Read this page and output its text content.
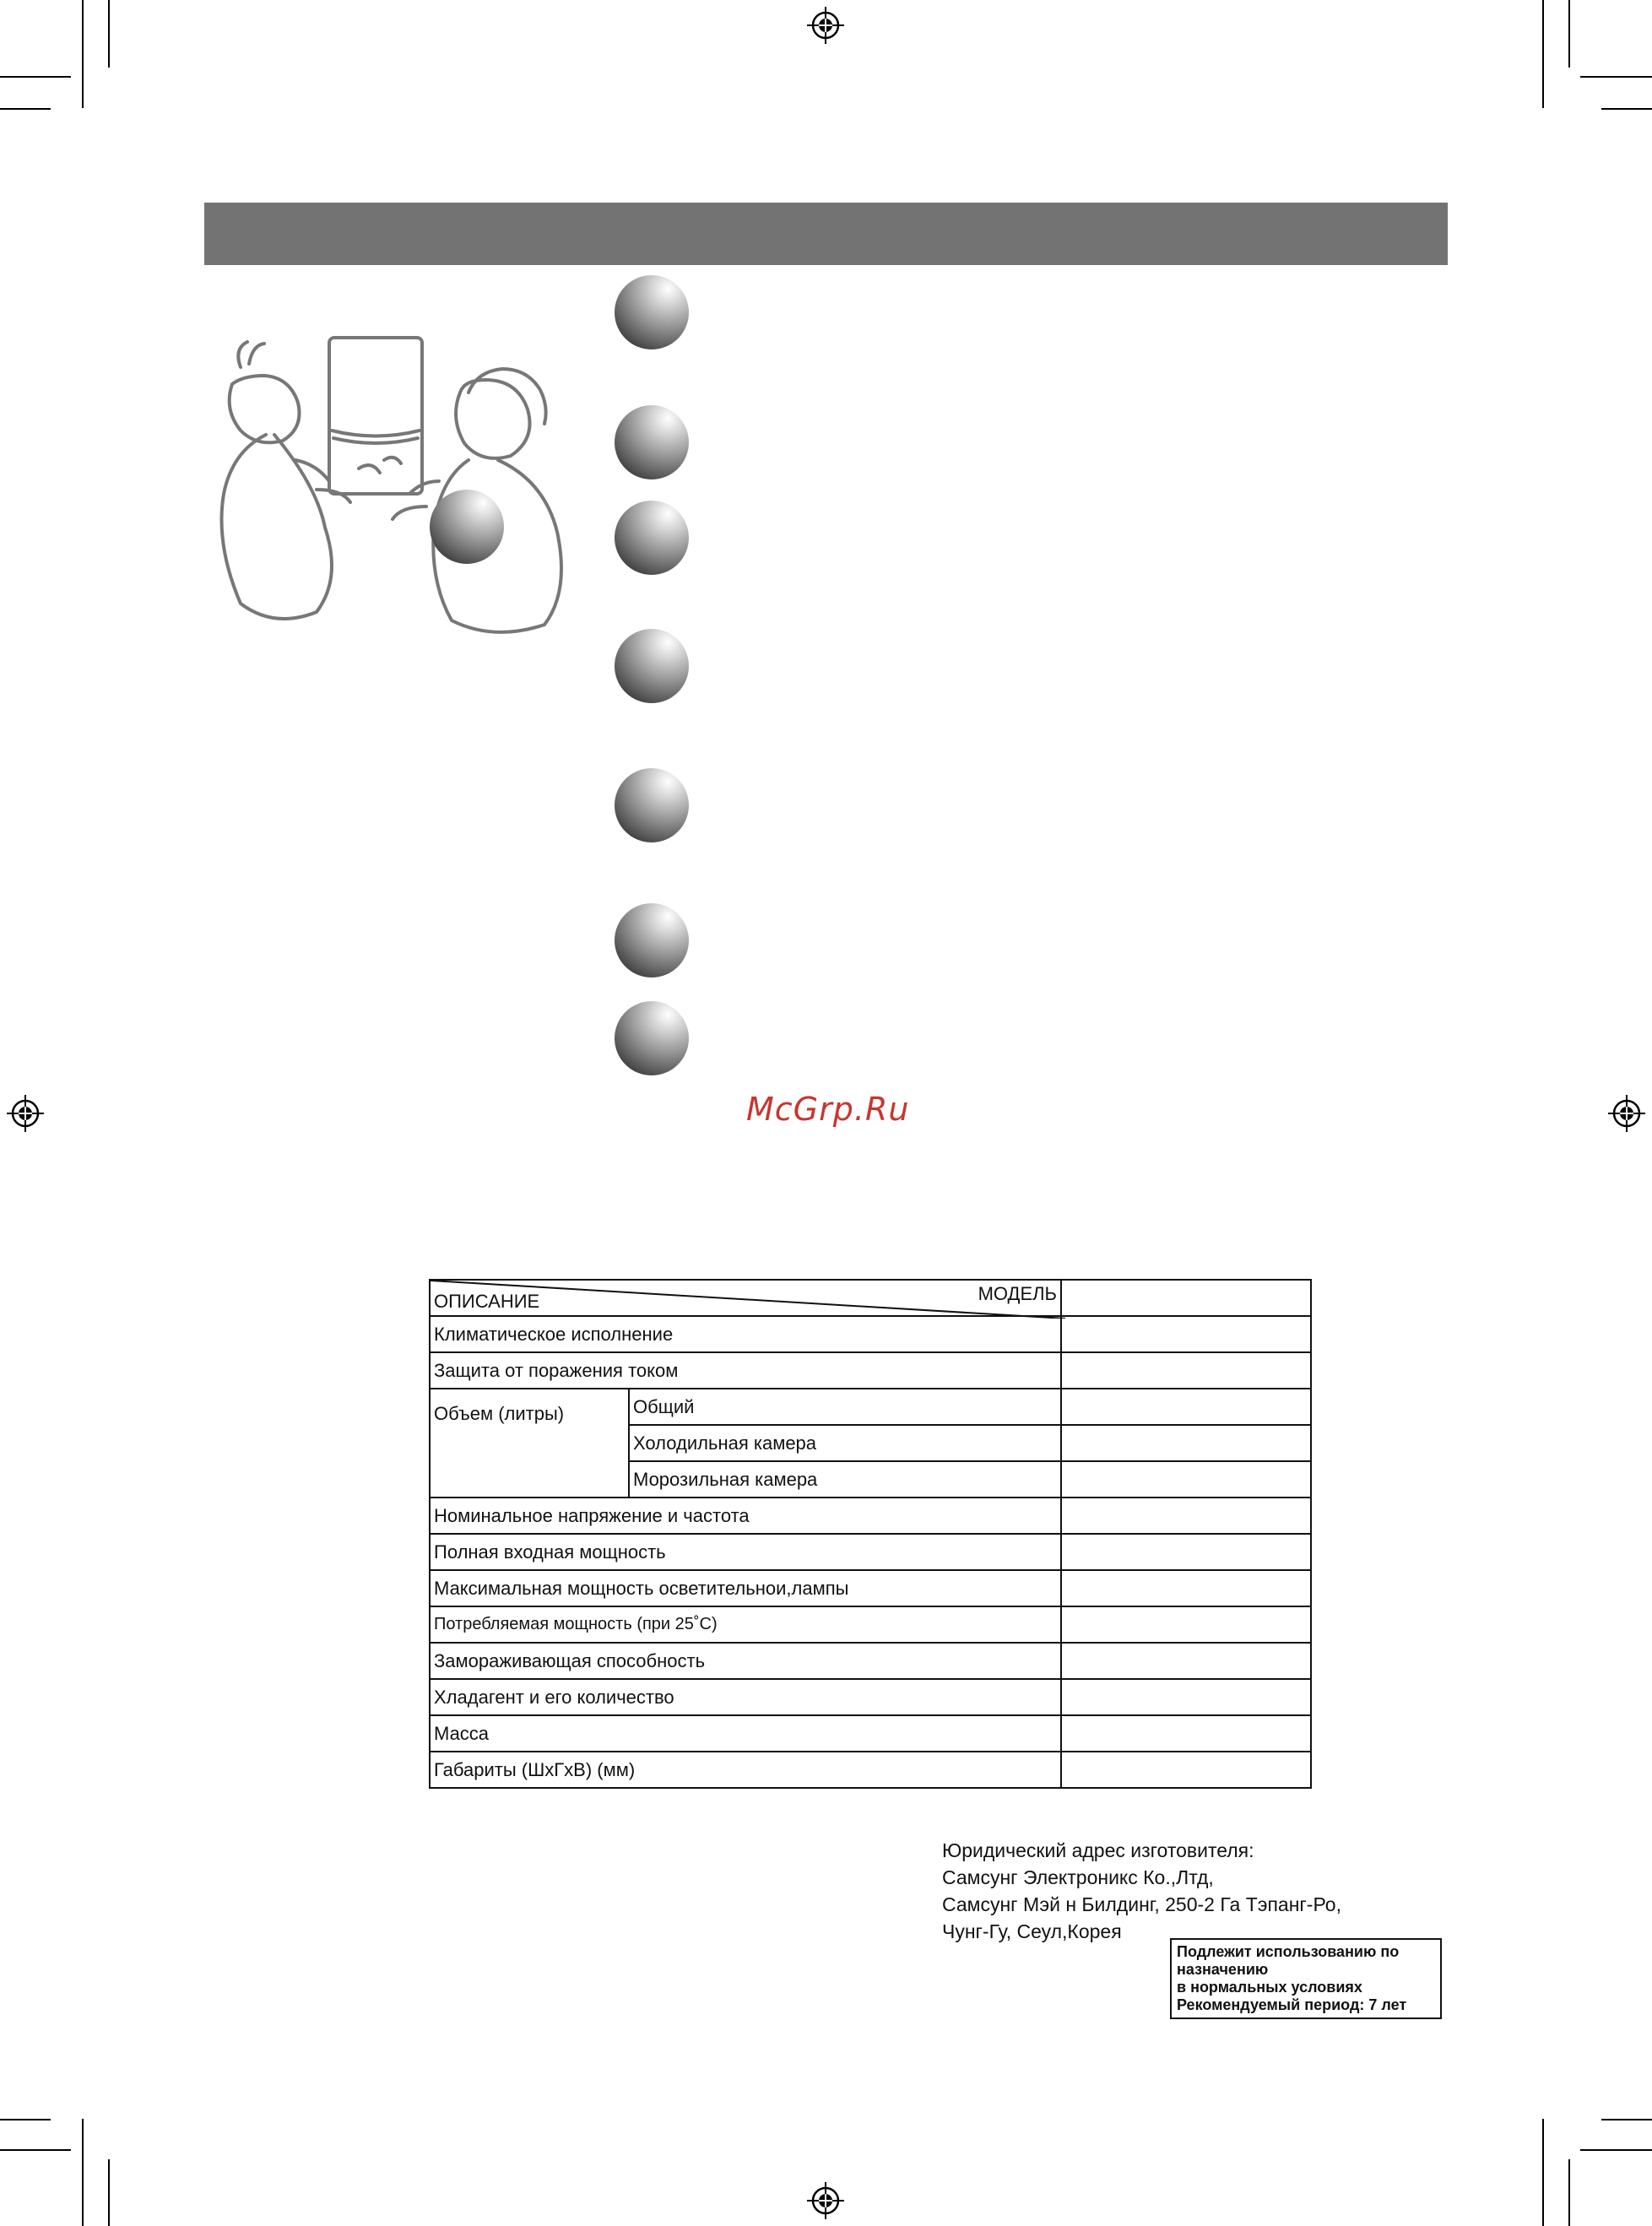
McGrp.Ru
ОПИСАНИЕ МОДЕЛЬ		

Климатическое исполнение		
Защита от поражения током		
Объем (литры)	Общий	
	Холодильная камера	
	Морозильная камера	
Номинальное напряжение и частота		
Полная входная мощность		
Максимальная мощность осветительнои,лампы		
Потребляемая мощность (при 25˚C)		
Замораживающая способность		
Хладагент и его количество		
Масса		
Габариты (ШхГхВ) (мм)		
Юридический адрес изготовителя:
Самсунг Электроникс Ко.,Лтд,
Самсунг Мэй н Билдинг, 250-2 Га Тэпанг-Ро,
Чунг-Гу, Сеул,Корея
Подлежит использованию по назначению
в нормальных условиях
Рекомендуемый период: 7 лет
